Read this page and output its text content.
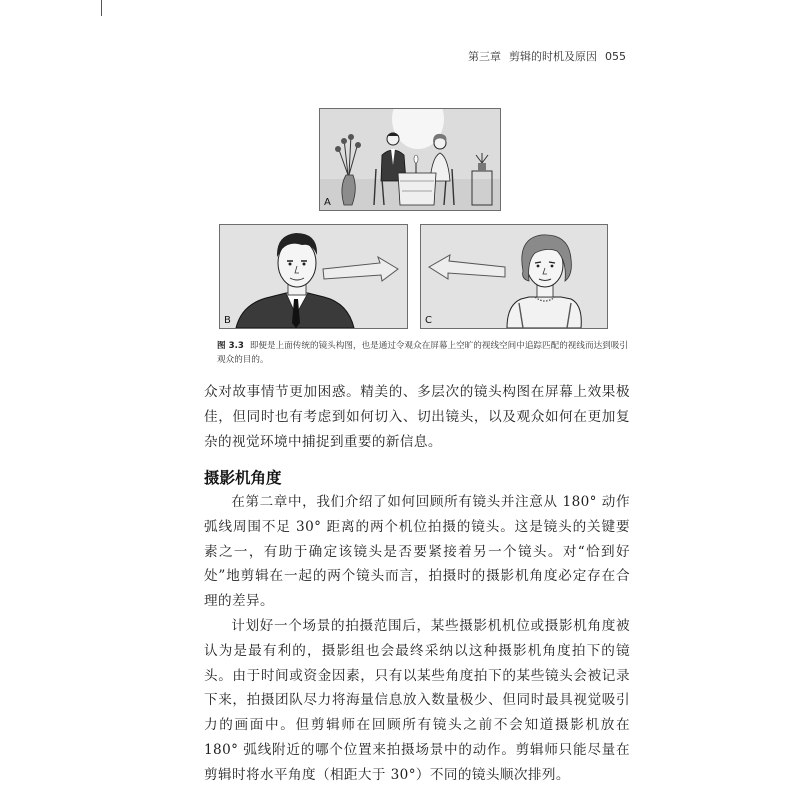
第三章 剪辑的时机及原因 055
A
B	C
图 3.3 即便是上面传统的镜头构图，也是通过令观众在屏幕上空旷的视线空间中追踪匹配的视线而达到吸引观众的目的。

众对故事情节更加困惑。精美的、多层次的镜头构图在屏幕上效果极佳，但同时也有考虑到如何切入、切出镜头，以及观众如何在更加复杂的视觉环境中捕捉到重要的新信息。

摄影机角度

在第二章中，我们介绍了如何回顾所有镜头并注意从 180° 动作弧线周围不足 30° 距离的两个机位拍摄的镜头。这是镜头的关键要素之一，有助于确定该镜头是否要紧接着另一个镜头。对“恰到好处”地剪辑在一起的两个镜头而言，拍摄时的摄影机角度必定存在合理的差异。

计划好一个场景的拍摄范围后，某些摄影机机位或摄影机角度被认为是最有利的，摄影组也会最终采纳以这种摄影机角度拍下的镜头。由于时间或资金因素，只有以某些角度拍下的某些镜头会被记录下来，拍摄团队尽力将海量信息放入数量极少、但同时最具视觉吸引力的画面中。但剪辑师在回顾所有镜头之前不会知道摄影机放在 180° 弧线附近的哪个位置来拍摄场景中的动作。剪辑师只能尽量在剪辑时将水平角度（相距大于 30°）不同的镜头顺次排列。
